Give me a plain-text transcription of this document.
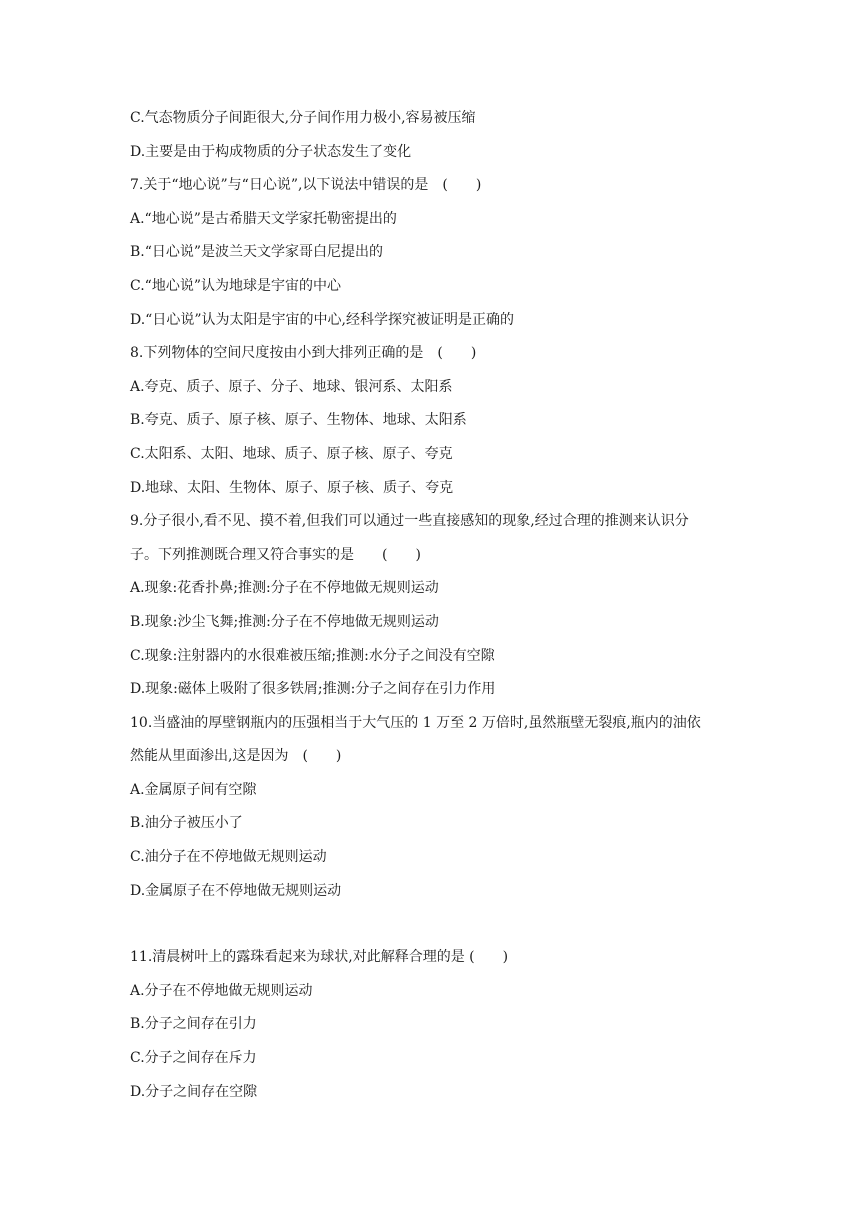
C.气态物质分子间距很大,分子间作用力极小,容易被压缩
D.主要是由于构成物质的分子状态发生了变化
7.关于“地心说”与“日心说”,以下说法中错误的是　(　　)
A.“地心说”是古希腊天文学家托勒密提出的
B.“日心说”是波兰天文学家哥白尼提出的
C.“地心说”认为地球是宇宙的中心
D.“日心说”认为太阳是宇宙的中心,经科学探究被证明是正确的
8.下列物体的空间尺度按由小到大排列正确的是　(　　)
A.夸克、质子、原子、分子、地球、银河系、太阳系
B.夸克、质子、原子核、原子、生物体、地球、太阳系
C.太阳系、太阳、地球、质子、原子核、原子、夸克
D.地球、太阳、生物体、原子、原子核、质子、夸克
9.分子很小,看不见、摸不着,但我们可以通过一些直接感知的现象,经过合理的推测来认识分
子。下列推测既合理又符合事实的是　　(　　)
A.现象:花香扑鼻;推测:分子在不停地做无规则运动
B.现象:沙尘飞舞;推测:分子在不停地做无规则运动
C.现象:注射器内的水很难被压缩;推测:水分子之间没有空隙
D.现象:磁体上吸附了很多铁屑;推测:分子之间存在引力作用
10.当盛油的厚壁钢瓶内的压强相当于大气压的 1 万至 2 万倍时,虽然瓶壁无裂痕,瓶内的油依
然能从里面渗出,这是因为　(　　)
A.金属原子间有空隙
B.油分子被压小了
C.油分子在不停地做无规则运动
D.金属原子在不停地做无规则运动
11.清晨树叶上的露珠看起来为球状,对此解释合理的是 (　　)
A.分子在不停地做无规则运动
B.分子之间存在引力
C.分子之间存在斥力
D.分子之间存在空隙
